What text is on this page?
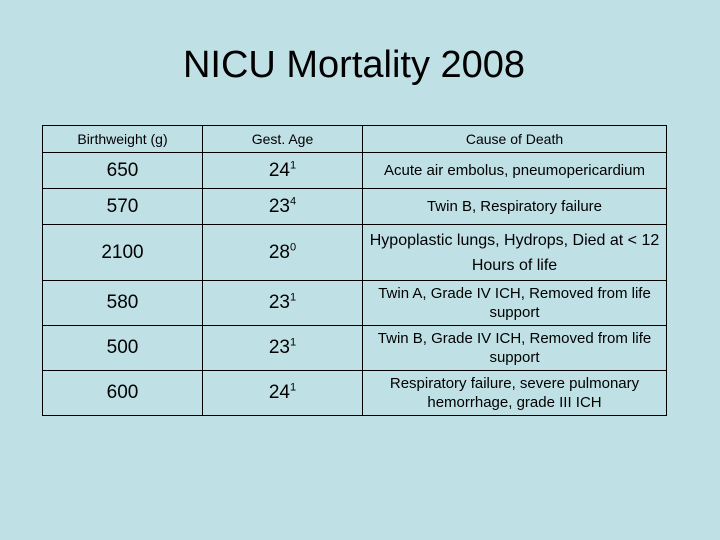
NICU Mortality 2008
Birthweight (g)	Gest. Age	Cause of Death
650	$24^1$	Acute air embolus, pneumopericardium
570	$23^4$	Twin B, Respiratory failure
2100	$28^0$	Hypoplastic lungs, Hydrops, Died at < 12 Hours of life
580	$23^1$	Twin A, Grade IV ICH, Removed from life support
500	$23^1$	Twin B, Grade IV ICH, Removed from life support
600	$24^1$	Respiratory failure, severe pulmonary hemorrhage, grade III ICH
